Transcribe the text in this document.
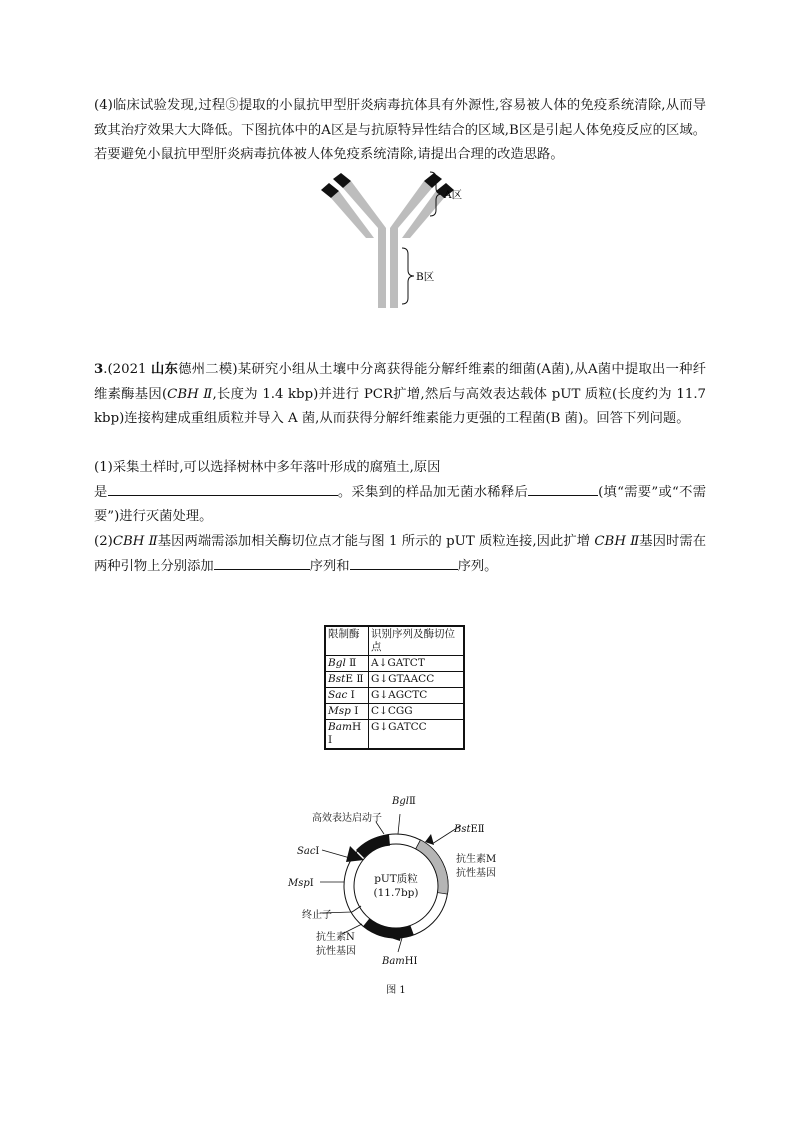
(4)临床试验发现,过程⑤提取的小鼠抗甲型肝炎病毒抗体具有外源性,容易被人体的免疫系统清除,从而导致其治疗效果大大降低。下图抗体中的A区是与抗原特异性结合的区域,B区是引起人体免疫反应的区域。若要避免小鼠抗甲型肝炎病毒抗体被人体免疫系统清除,请提出合理的改造思路。
A区
B区
3.(2021 山东德州二模)某研究小组从土壤中分离获得能分解纤维素的细菌(A菌),从A菌中提取出一种纤维素酶基因(CBH Ⅱ,长度为 1.4 kbp)并进行 PCR扩增,然后与高效表达载体 pUT 质粒(长度约为 11.7 kbp)连接构建成重组质粒并导入 A 菌,从而获得分解纤维素能力更强的工程菌(B 菌)。回答下列问题。
(1)采集土样时,可以选择树林中多年落叶形成的腐殖土,原因
是	。采集到的样品加无菌水稀释后	(填“需要”或“不需要”)进行灭菌处理。
(2)CBH Ⅱ基因两端需添加相关酶切位点才能与图 1 所示的 pUT 质粒连接,因此扩增 CBH Ⅱ基因时需在两种引物上分别添加	序列和	序列。
限制酶	识别序列及酶切位点
Bgl Ⅱ	A↓GATCT
BstE Ⅱ	G↓GTAACC
Sac Ⅰ	G↓AGCTC
Msp Ⅰ	C↓CGG
BamH Ⅰ	G↓GATCC
pUT质粒
(11.7bp)
高效表达启动子
BglⅡ
BstEⅡ
抗生素M
抗性基因
SacⅠ
MspⅠ
终止子
抗生素N
抗性基因
BamHⅠ
图 1
